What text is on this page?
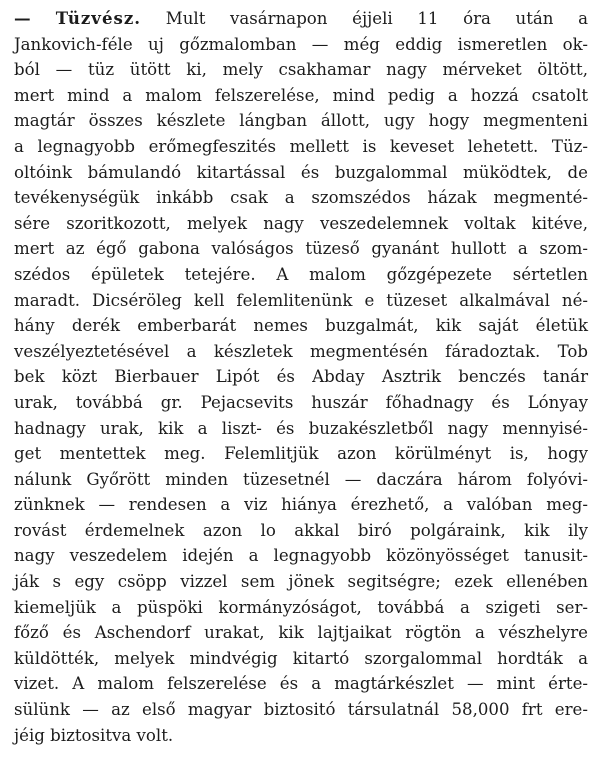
— Tüzvész. Mult vasárnapon éjjeli 11 óra után a
Jankovich-féle uj gőzmalomban — még eddig ismeretlen ok-
ból — tüz ütött ki, mely csakhamar nagy mérveket öltött,
mert mind a malom felszerelése, mind pedig a hozzá csatolt
magtár összes készlete lángban állott, ugy hogy megmenteni
a legnagyobb erőmegfeszités mellett is keveset lehetett. Tüz-
oltóink bámulandó kitartással és buzgalommal müködtek, de
tevékenységük inkább csak a szomszédos házak megmenté-
sére szoritkozott, melyek nagy veszedelemnek voltak kitéve,
mert az égő gabona valóságos tüzeső gyanánt hullott a szom-
szédos épületek tetejére. A malom gőzgépezete sértetlen
maradt. Dicséröleg kell felemlitenünk e tüzeset alkalmával né-
hány derék emberbarát nemes buzgalmát, kik saját életük
veszélyeztetésével a készletek megmentésén fáradoztak. Tob
bek közt Bierbauer Lipót és Abday Asztrik benczés tanár
urak, továbbá gr. Pejacsevits huszár főhadnagy és Lónyay
hadnagy urak, kik a liszt- és buzakészletből nagy mennyisé-
get mentettek meg. Felemlitjük azon körülményt is, hogy
nálunk Győrött minden tüzesetnél — daczára három folyóvi-
zünknek — rendesen a viz hiánya érezhető, a valóban meg-
rovást érdemelnek azon lo akkal biró polgáraink, kik ily
nagy veszedelem idején a legnagyobb közönyösséget tanusit-
ják s egy csöpp vizzel sem jönek segitségre; ezek ellenében
kiemeljük a püspöki kormányzóságot, továbbá a szigeti ser-
főző és Aschendorf urakat, kik lajtjaikat rögtön a vészhelyre
küldötték, melyek mindvégig kitartó szorgalommal hordták a
vizet. A malom felszerelése és a magtárkészlet — mint érte-
sülünk — az első magyar biztositó társulatnál 58,000 frt ere-
jéig biztositva volt.
